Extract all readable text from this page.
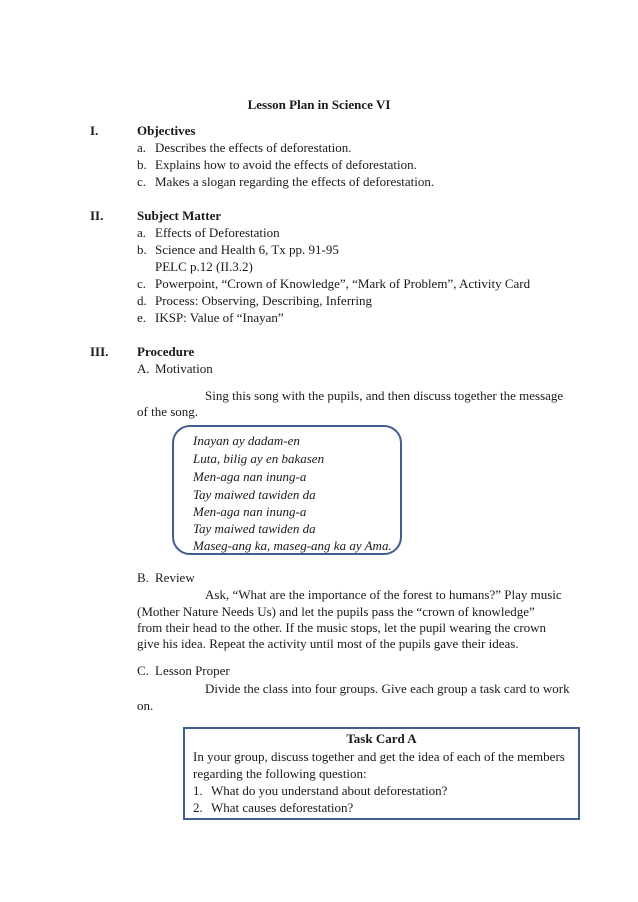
Lesson Plan in Science VI
I.	Objectives
a. Describes the effects of deforestation.
b. Explains how to avoid the effects of deforestation.
c. Makes a slogan regarding the effects of deforestation.
II.	Subject Matter
a. Effects of Deforestation
b. Science and Health 6, Tx pp. 91-95
PELC p.12 (II.3.2)
c. Powerpoint, “Crown of Knowledge”, “Mark of Problem”, Activity Card
d. Process: Observing, Describing, Inferring
e. IKSP: Value of “Inayan”
III. Procedure
A. Motivation
Sing this song with the pupils, and then discuss together the message
of the song.
Inayan ay dadam-en
Luta, bilig ay en bakasen
Men-aga nan inung-a
Tay maiwed tawiden da
Men-aga nan inung-a
Tay maiwed tawiden da
Maseg-ang ka, maseg-ang ka ay Ama.
B. Review
Ask, “What are the importance of the forest to humans?” Play music
(Mother Nature Needs Us) and let the pupils pass the “crown of knowledge”
from their head to the other. If the music stops, let the pupil wearing the crown
give his idea. Repeat the activity until most of the pupils gave their ideas.
C. Lesson Proper
Divide the class into four groups. Give each group a task card to work
on.
Task Card A
In your group, discuss together and get the idea of each of the members
regarding the following question:
1. What do you understand about deforestation?
2. What causes deforestation?
